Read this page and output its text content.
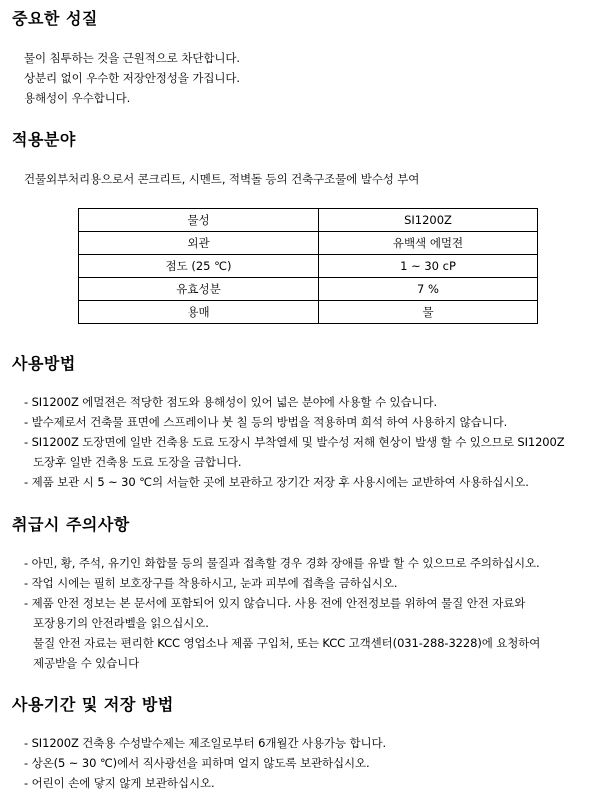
중요한 성질
물이 침투하는 것을 근원적으로 차단합니다.
상분리 없이 우수한 저장안정성을 가집니다.
용해성이 우수합니다.
적용분야
건물외부처리용으로서 콘크리트, 시멘트, 적벽돌 등의 건축구조물에 발수성 부여
물성	SI1200Z
외관	유백색 에멀젼
점도 (25 ℃)	1 ~ 30 cP
유효성분	7 %
용매	물
사용방법
- SI1200Z 에멀젼은 적당한 점도와 용해성이 있어 넓은 분야에 사용할 수 있습니다.
- 발수제로서 건축물 표면에 스프레이나 붓 칠 등의 방법을 적용하며 희석 하여 사용하지 않습니다.
- SI1200Z 도장면에 일반 건축용 도료 도장시 부착열세 및 발수성 저해 현상이 발생 할 수 있으므로 SI1200Z
도장후 일반 건축용 도료 도장을 금합니다.
- 제품 보관 시 5 ~ 30 ℃의 서늘한 곳에 보관하고 장기간 저장 후 사용시에는 교반하여 사용하십시오.
취급시 주의사항
- 아민, 황, 주석, 유기인 화합물 등의 물질과 접촉할 경우 경화 장애를 유발 할 수 있으므로 주의하십시오.
- 작업 시에는 필히 보호장구를 착용하시고, 눈과 피부에 접촉을 금하십시오.
- 제품 안전 정보는 본 문서에 포함되어 있지 않습니다. 사용 전에 안전정보를 위하여 물질 안전 자료와
포장용기의 안전라벨을 읽으십시오.
물질 안전 자료는 편리한 KCC 영업소나 제품 구입처, 또는 KCC 고객센터(031-288-3228)에 요청하여
제공받을 수 있습니다
사용기간 및 저장 방법
- SI1200Z 건축용 수성발수제는 제조일로부터 6개월간 사용가능 합니다.
- 상온(5 ~ 30 ℃)에서 직사광선을 피하며 얼지 않도록 보관하십시오.
- 어린이 손에 닿지 않게 보관하십시오.
